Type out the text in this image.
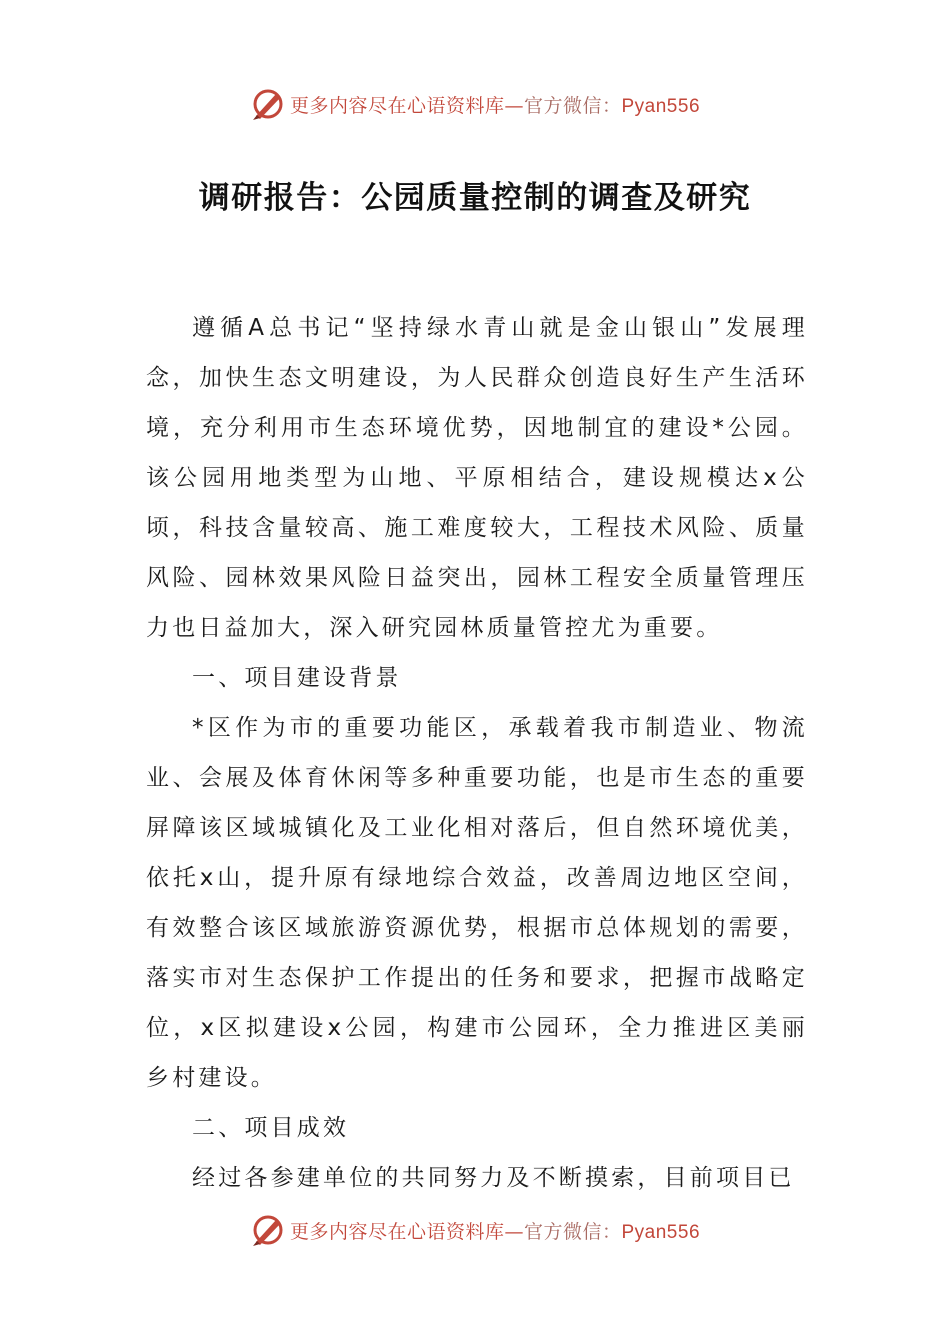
更多内容尽在心语资料库—官方微信：Pyan556
调研报告：公园质量控制的调查及研究

遵循A总书记“坚持绿水青山就是金山银山”发展理念，加快生态文明建设，为人民群众创造良好生产生活环境，充分利用市生态环境优势，因地制宜的建设*公园。该公园用地类型为山地、平原相结合，建设规模达x公顷，科技含量较高、施工难度较大，工程技术风险、质量风险、园林效果风险日益突出，园林工程安全质量管理压力也日益加大，深入研究园林质量管控尤为重要。

一、项目建设背景

*区作为市的重要功能区，承载着我市制造业、物流业、会展及体育休闲等多种重要功能，也是市生态的重要屏障该区域城镇化及工业化相对落后，但自然环境优美，依托x山，提升原有绿地综合效益，改善周边地区空间，有效整合该区域旅游资源优势，根据市总体规划的需要，落实市对生态保护工作提出的任务和要求，把握市战略定位，x区拟建设x公园，构建市公园环，全力推进区美丽乡村建设。

二、项目成效

经过各参建单位的共同努力及不断摸索，目前项目已

更多内容尽在心语资料库—官方微信：Pyan556
